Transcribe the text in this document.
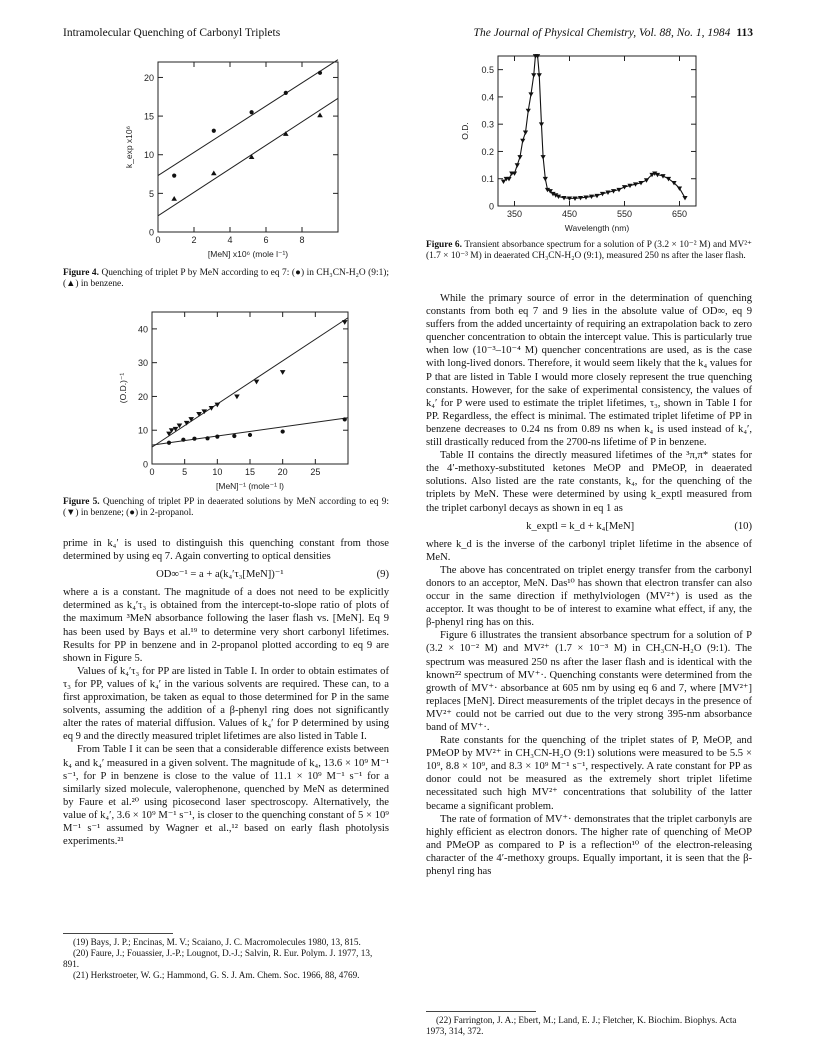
Intramolecular Quenching of Carbonyl Triplets	The Journal of Physical Chemistry, Vol. 88, No. 1, 1984 113
0	2	4	6	8
0
5
10
15
20
[MeN] x10⁶ (mole l⁻¹)
k_exp x10⁶
Figure 4. Quenching of triplet P by MeN according to eq 7: (●) in CH₃CN-H₂O (9:1); (▲) in benzene.
0	5	10	15	20	25
0
10
20
30
40
[MeN]⁻¹ (mole⁻¹ l)
(O.D.)⁻¹
Figure 5. Quenching of triplet PP in deaerated solutions by MeN according to eq 9: (▼) in benzene; (●) in 2-propanol.
350	450	550	650
0
0.1
0.2
0.3
0.4
0.5
Wavelength (nm)
O.D.
Figure 6. Transient absorbance spectrum for a solution of P (3.2 × 10⁻² M) and MV²⁺ (1.7 × 10⁻³ M) in deaerated CH₃CN-H₂O (9:1), measured 250 ns after the laser flash.

prime in k₄′ is used to distinguish this quenching constant from those determined by using eq 7. Again converting to optical densities

OD∞⁻¹ = a + a(k₄′τ₃[MeN])⁻¹	(9)

where a is a constant. The magnitude of a does not need to be explicitly determined as k₄′τ₃ is obtained from the intercept-to-slope ratio of plots of the maximum ³MeN absorbance following the laser flash vs. [MeN]. Eq 9 has been used by Bays et al.¹⁹ to determine very short carbonyl lifetimes. Results for PP in benzene and in 2-propanol plotted according to eq 9 are shown in Figure 5.

Values of k₄′τ₃ for PP are listed in Table I. In order to obtain estimates of τ₃ for PP, values of k₄′ in the various solvents are required. These can, to a first approximation, be taken as equal to those determined for P in the same solvents, assuming the addition of a β-phenyl ring does not significantly alter the rates of material diffusion. Values of k₄′ for P determined by using eq 9 and the directly measured triplet lifetimes are also listed in Table I.

From Table I it can be seen that a considerable difference exists between k₄ and k₄′ measured in a given solvent. The magnitude of k₄, 13.6 × 10⁹ M⁻¹ s⁻¹, for P in benzene is close to the value of 11.1 × 10⁹ M⁻¹ s⁻¹ for a similarly sized molecule, valerophenone, quenched by MeN as determined by Faure et al.²⁰ using picosecond laser spectroscopy. Alternatively, the value of k₄′, 3.6 × 10⁹ M⁻¹ s⁻¹, is closer to the quenching constant of 5 × 10⁹ M⁻¹ s⁻¹ assumed by Wagner et al.,¹² based on early flash photolysis experiments.²¹

(19) Bays, J. P.; Encinas, M. V.; Scaiano, J. C. Macromolecules 1980, 13, 815.

(20) Faure, J.; Fouassier, J.-P.; Lougnot, D.-J.; Salvin, R. Eur. Polym. J. 1977, 13, 891.

(21) Herkstroeter, W. G.; Hammond, G. S. J. Am. Chem. Soc. 1966, 88, 4769.

While the primary source of error in the determination of quenching constants from both eq 7 and 9 lies in the absolute value of OD∞, eq 9 suffers from the added uncertainty of requiring an extrapolation back to zero quencher concentration to obtain the intercept value. This is particularly true when low (10⁻³–10⁻⁴ M) quencher concentrations are used, as is the case with long-lived donors. Therefore, it would seem likely that the k₄ values for P that are listed in Table I would more closely represent the true quenching constants. However, for the sake of experimental consistency, the values of k₄′ for P were used to estimate the triplet lifetimes, τ₃, shown in Table I for PP. Regardless, the effect is minimal. The estimated triplet lifetime of PP in benzene decreases to 0.24 ns from 0.89 ns when k₄ is used instead of k₄′, still drastically reduced from the 2700-ns lifetime of P in benzene.

Table II contains the directly measured lifetimes of the ³π,π* states for the 4′-methoxy-substituted ketones MeOP and PMeOP, in deaerated solutions. Also listed are the rate constants, k₄, for the quenching of the triplets by MeN. These were determined by using k_exptl measured from the triplet carbonyl decays as shown in eq 1 as

k_exptl = k_d + k₄[MeN]	(10)

where k_d is the inverse of the carbonyl triplet lifetime in the absence of MeN.

The above has concentrated on triplet energy transfer from the carbonyl donors to an acceptor, MeN. Das¹⁰ has shown that electron transfer can also occur in the same direction if methylviologen (MV²⁺) is used as the acceptor. It was thought to be of interest to examine what effect, if any, the β-phenyl ring has on this.

Figure 6 illustrates the transient absorbance spectrum for a solution of P (3.2 × 10⁻² M) and MV²⁺ (1.7 × 10⁻³ M) in CH₃CN-H₂O (9:1). The spectrum was measured 250 ns after the laser flash and is identical with the known²² spectrum of MV⁺·. Quenching constants were determined from the growth of MV⁺· absorbance at 605 nm by using eq 6 and 7, where [MV²⁺] replaces [MeN]. Direct measurements of the triplet decays in the presence of MV²⁺ could not be carried out due to the very strong 395-nm absorbance band of MV⁺·.

Rate constants for the quenching of the triplet states of P, MeOP, and PMeOP by MV²⁺ in CH₃CN-H₂O (9:1) solutions were measured to be 5.5 × 10⁹, 8.8 × 10⁹, and 8.3 × 10⁹ M⁻¹ s⁻¹, respectively. A rate constant for PP as donor could not be measured as the extremely short triplet lifetime necessitated such high MV²⁺ concentrations that solubility of the latter became a significant problem.

The rate of formation of MV⁺· demonstrates that the triplet carbonyls are highly efficient as electron donors. The higher rate of quenching of MeOP and PMeOP as compared to P is a reflection¹⁰ of the electron-releasing character of the 4′-methoxy groups. Equally important, it is seen that the β-phenyl ring has

(22) Farrington, J. A.; Ebert, M.; Land, E. J.; Fletcher, K. Biochim. Biophys. Acta 1973, 314, 372.
